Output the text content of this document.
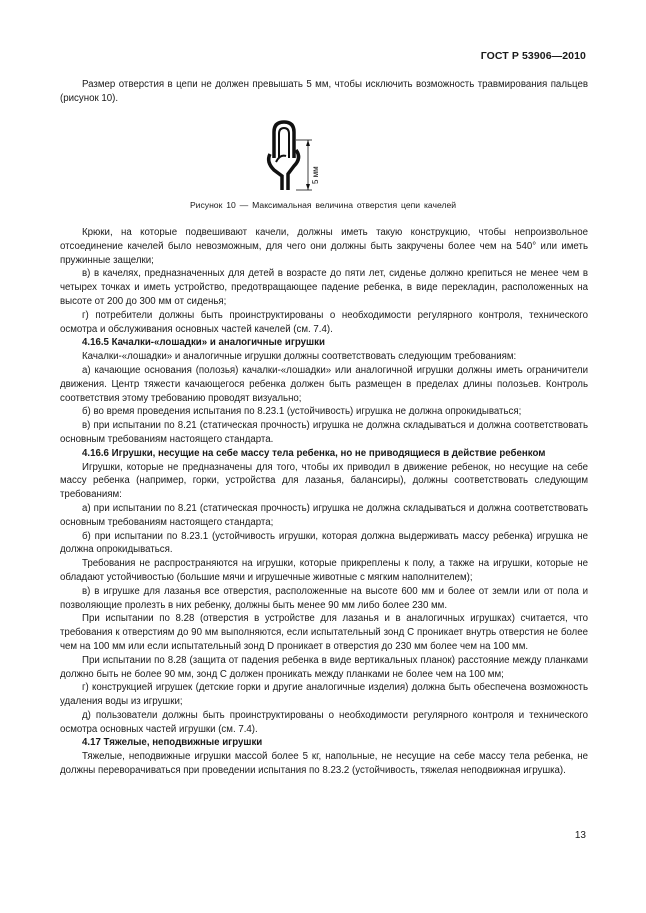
ГОСТ Р 53906—2010

Размер отверстия в цепи не должен превышать 5 мм, чтобы исключить возможность травмирования пальцев (рисунок 10).

5 мм
Рисунок 10 — Максимальная величина отверстия цепи качелей

Крюки, на которые подвешивают качели, должны иметь такую конструкцию, чтобы непроизвольное отсоединение качелей было невозможным, для чего они должны быть закручены более чем на 540° или иметь пружинные защелки;

в) в качелях, предназначенных для детей в возрасте до пяти лет, сиденье должно крепиться не менее чем в четырех точках и иметь устройство, предотвращающее падение ребенка, в виде перекладин, расположенных на высоте от 200 до 300 мм от сиденья;

г) потребители должны быть проинструктированы о необходимости регулярного контроля, технического осмотра и обслуживания основных частей качелей (см. 7.4).

4.16.5 Качалки-«лошадки» и аналогичные игрушки

Качалки-«лошадки» и аналогичные игрушки должны соответствовать следующим требованиям:

а) качающие основания (полозья) качалки-«лошадки» или аналогичной игрушки должны иметь ограничители движения. Центр тяжести качающегося ребенка должен быть размещен в пределах длины полозьев. Контроль соответствия этому требованию проводят визуально;

б) во время проведения испытания по 8.23.1 (устойчивость) игрушка не должна опрокидываться;

в) при испытании по 8.21 (статическая прочность) игрушка не должна складываться и должна соответствовать основным требованиям настоящего стандарта.

4.16.6 Игрушки, несущие на себе массу тела ребенка, но не приводящиеся в действие ребенком

Игрушки, которые не предназначены для того, чтобы их приводил в движение ребенок, но несущие на себе массу ребенка (например, горки, устройства для лазанья, балансиры), должны соответствовать следующим требованиям:

а) при испытании по 8.21 (статическая прочность) игрушка не должна складываться и должна соответствовать основным требованиям настоящего стандарта;

б) при испытании по 8.23.1 (устойчивость игрушки, которая должна выдерживать массу ребенка) игрушка не должна опрокидываться.

Требования не распространяются на игрушки, которые прикреплены к полу, а также на игрушки, которые не обладают устойчивостью (большие мячи и игрушечные животные с мягким наполнителем);

в) в игрушке для лазанья все отверстия, расположенные на высоте 600 мм и более от земли или от пола и позволяющие пролезть в них ребенку, должны быть менее 90 мм либо более 230 мм.

При испытании по 8.28 (отверстия в устройстве для лазанья и в аналогичных игрушках) считается, что требования к отверстиям до 90 мм выполняются, если испытательный зонд C проникает внутрь отверстия не более чем на 100 мм или если испытательный зонд D проникает в отверстия до 230 мм более чем на 100 мм.

При испытании по 8.28 (защита от падения ребенка в виде вертикальных планок) расстояние между планками должно быть не более 90 мм, зонд C должен проникать между планками не более чем на 100 мм;

г) конструкцией игрушек (детские горки и другие аналогичные изделия) должна быть обеспечена возможность удаления воды из игрушки;

д) пользователи должны быть проинструктированы о необходимости регулярного контроля и технического осмотра основных частей игрушки (см. 7.4).

4.17 Тяжелые, неподвижные игрушки

Тяжелые, неподвижные игрушки массой более 5 кг, напольные, не несущие на себе массу тела ребенка, не должны переворачиваться при проведении испытания по 8.23.2 (устойчивость, тяжелая неподвижная игрушка).

13
